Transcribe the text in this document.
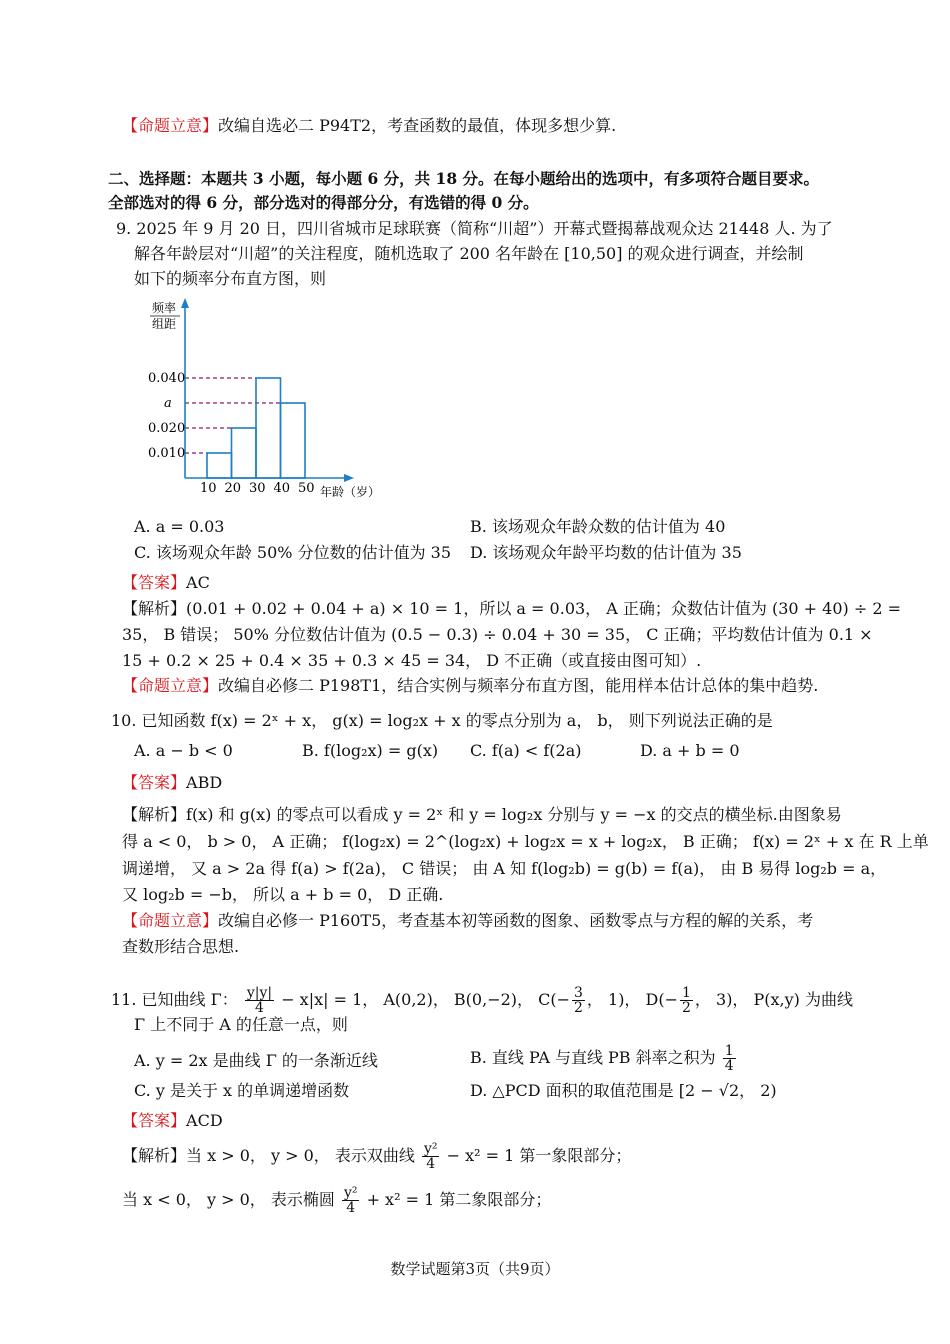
【命题立意】改编自选必二 P94T2，考查函数的最值，体现多想少算.
二、选择题：本题共 3 小题，每小题 6 分，共 18 分。在每小题给出的选项中，有多项符合题目要求。
全部选对的得 6 分，部分选对的得部分分，有选错的得 0 分。
9. 2025 年 9 月 20 日，四川省城市足球联赛（简称“川超”）开幕式暨揭幕战观众达 21448 人. 为了
解各年龄层对“川超”的关注程度，随机选取了 200 名年龄在 [10,50] 的观众进行调查，并绘制
如下的频率分布直方图，则
频率
组距
0.040
a
0.020
0.010
10 20 30 40 50 年龄（岁）
A. a = 0.03	B. 该场观众年龄众数的估计值为 40
C. 该场观众年龄 50% 分位数的估计值为 35 D. 该场观众年龄平均数的估计值为 35
【答案】AC
【解析】(0.01 + 0.02 + 0.04 + a) × 10 = 1，所以 a = 0.03， A 正确；众数估计值为 (30 + 40) ÷ 2 =
35， B 错误； 50% 分位数估计值为 (0.5 − 0.3) ÷ 0.04 + 30 = 35， C 正确；平均数估计值为 0.1 ×
15 + 0.2 × 25 + 0.4 × 35 + 0.3 × 45 = 34， D 不正确（或直接由图可知）.
【命题立意】改编自必修二 P198T1，结合实例与频率分布直方图，能用样本估计总体的集中趋势.
10. 已知函数 f(x) = 2ˣ + x， g(x) = log₂x + x 的零点分别为 a， b， 则下列说法正确的是
A. a − b < 0	B. f(log₂x) = g(x) C. f(a) < f(2a)	D. a + b = 0
【答案】ABD
【解析】f(x) 和 g(x) 的零点可以看成 y = 2ˣ 和 y = log₂x 分别与 y = −x 的交点的横坐标.由图象易
得 a < 0， b > 0， A 正确； f(log₂x) = 2^(log₂x) + log₂x = x + log₂x， B 正确； f(x) = 2ˣ + x 在 R 上单
调递增， 又 a > 2a 得 f(a) > f(2a)， C 错误； 由 A 知 f(log₂b) = g(b) = f(a)， 由 B 易得 log₂b = a，
又 log₂b = −b， 所以 a + b = 0， D 正确.
【命题立意】改编自必修一 P160T5，考查基本初等函数的图象、函数零点与方程的解的关系，考
查数形结合思想.
11. 已知曲线 Γ： $\frac{y|y|}{4} - x|x| = 1$， A(0,2)， B(0,−2)， $C(- \frac{3}{2}$ ， 1)， $D(- \frac{1}{2}$ ， 3)， P(x,y) 为曲线
Γ 上不同于 A 的任意一点，则
A. y = 2x 是曲线 Γ 的一条渐近线	B. 直线 PA 与直线 PB 斜率之积为 $\frac{1}{4}$
C. y 是关于 x 的单调递增函数	D. △PCD 面积的取值范围是 [2 − √2， 2)
【答案】ACD
【解析】当 x > 0， y > 0， 表示双曲线 $\frac{\text{y²}}{4} - x^2 = 1$ 第一象限部分；
当 x < 0， y > 0， 表示椭圆 $\frac{\text{y²}}{4} + x^2 = 1$ 第二象限部分；
数学试题第3页（共9页）
